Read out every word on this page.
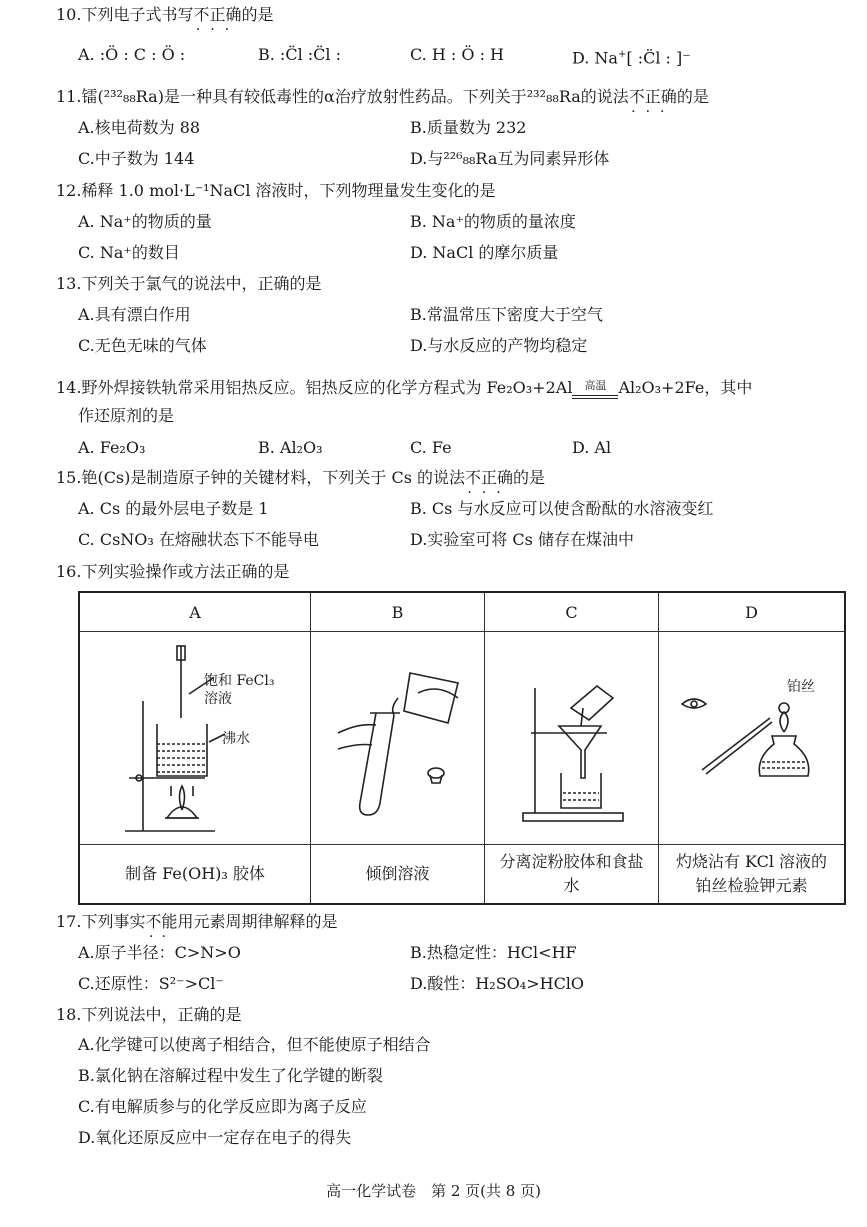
10.下列电子式书写不正确
···
的是
A. :Ö : C : Ö :	B. :C̈l :C̈l :	C. H : Ö : H	D. Na+[ :C̈l : ]⁻
11.镭(²³²₈₈Ra)是一种具有较低毒性的α治疗放射性药品。下列关于²³²₈₈Ra的说法不正确
···
的是
A.核电荷数为 88	B.质量数为 232
C.中子数为 144	D.与²²⁶₈₈Ra互为同素异形体
12.稀释 1.0 mol·L⁻¹NaCl 溶液时，下列物理量发生变化的是
A. Na⁺的物质的量	B. Na⁺的物质的量浓度
C. Na⁺的数目	D. NaCl 的摩尔质量
13.下列关于氯气的说法中，正确的是
A.具有漂白作用	B.常温常压下密度大于空气
C.无色无味的气体	D.与水反应的产物均稳定
14.野外焊接铁轨常采用铝热反应。铝热反应的化学方程式为 Fe₂O₃+2Al	高温 Al₂O₃+2Fe，其中
作还原剂的是
A. Fe₂O₃	B. Al₂O₃	C. Fe	D. Al
15.铯(Cs)是制造原子钟的关键材料，下列关于 Cs 的说法不正确
···
的是
A. Cs 的最外层电子数是 1	B. Cs 与水反应可以使含酚酞的水溶液变红
C. CsNO₃ 在熔融状态下不能导电	D.实验室可将 Cs 储存在煤油中
16.下列实验操作或方法正确的是
A	B	C	D

饱和 FeCl₃
溶液
沸水			铂丝

制备 Fe(OH)₃ 胶体	倾倒溶液	分离淀粉胶体和食盐水	灼烧沾有 KCl 溶液的铂丝检验钾元素
17.下列事实不能
··
用元素周期律解释的是
A.原子半径：C>N>O	B.热稳定性：HCl<HF
C.还原性：S²⁻>Cl⁻	D.酸性：H₂SO₄>HClO
18.下列说法中，正确的是
A.化学键可以使离子相结合，但不能使原子相结合
B.氯化钠在溶解过程中发生了化学键的断裂
C.有电解质参与的化学反应即为离子反应
D.氧化还原反应中一定存在电子的得失
高一化学试卷　第 2 页(共 8 页)
